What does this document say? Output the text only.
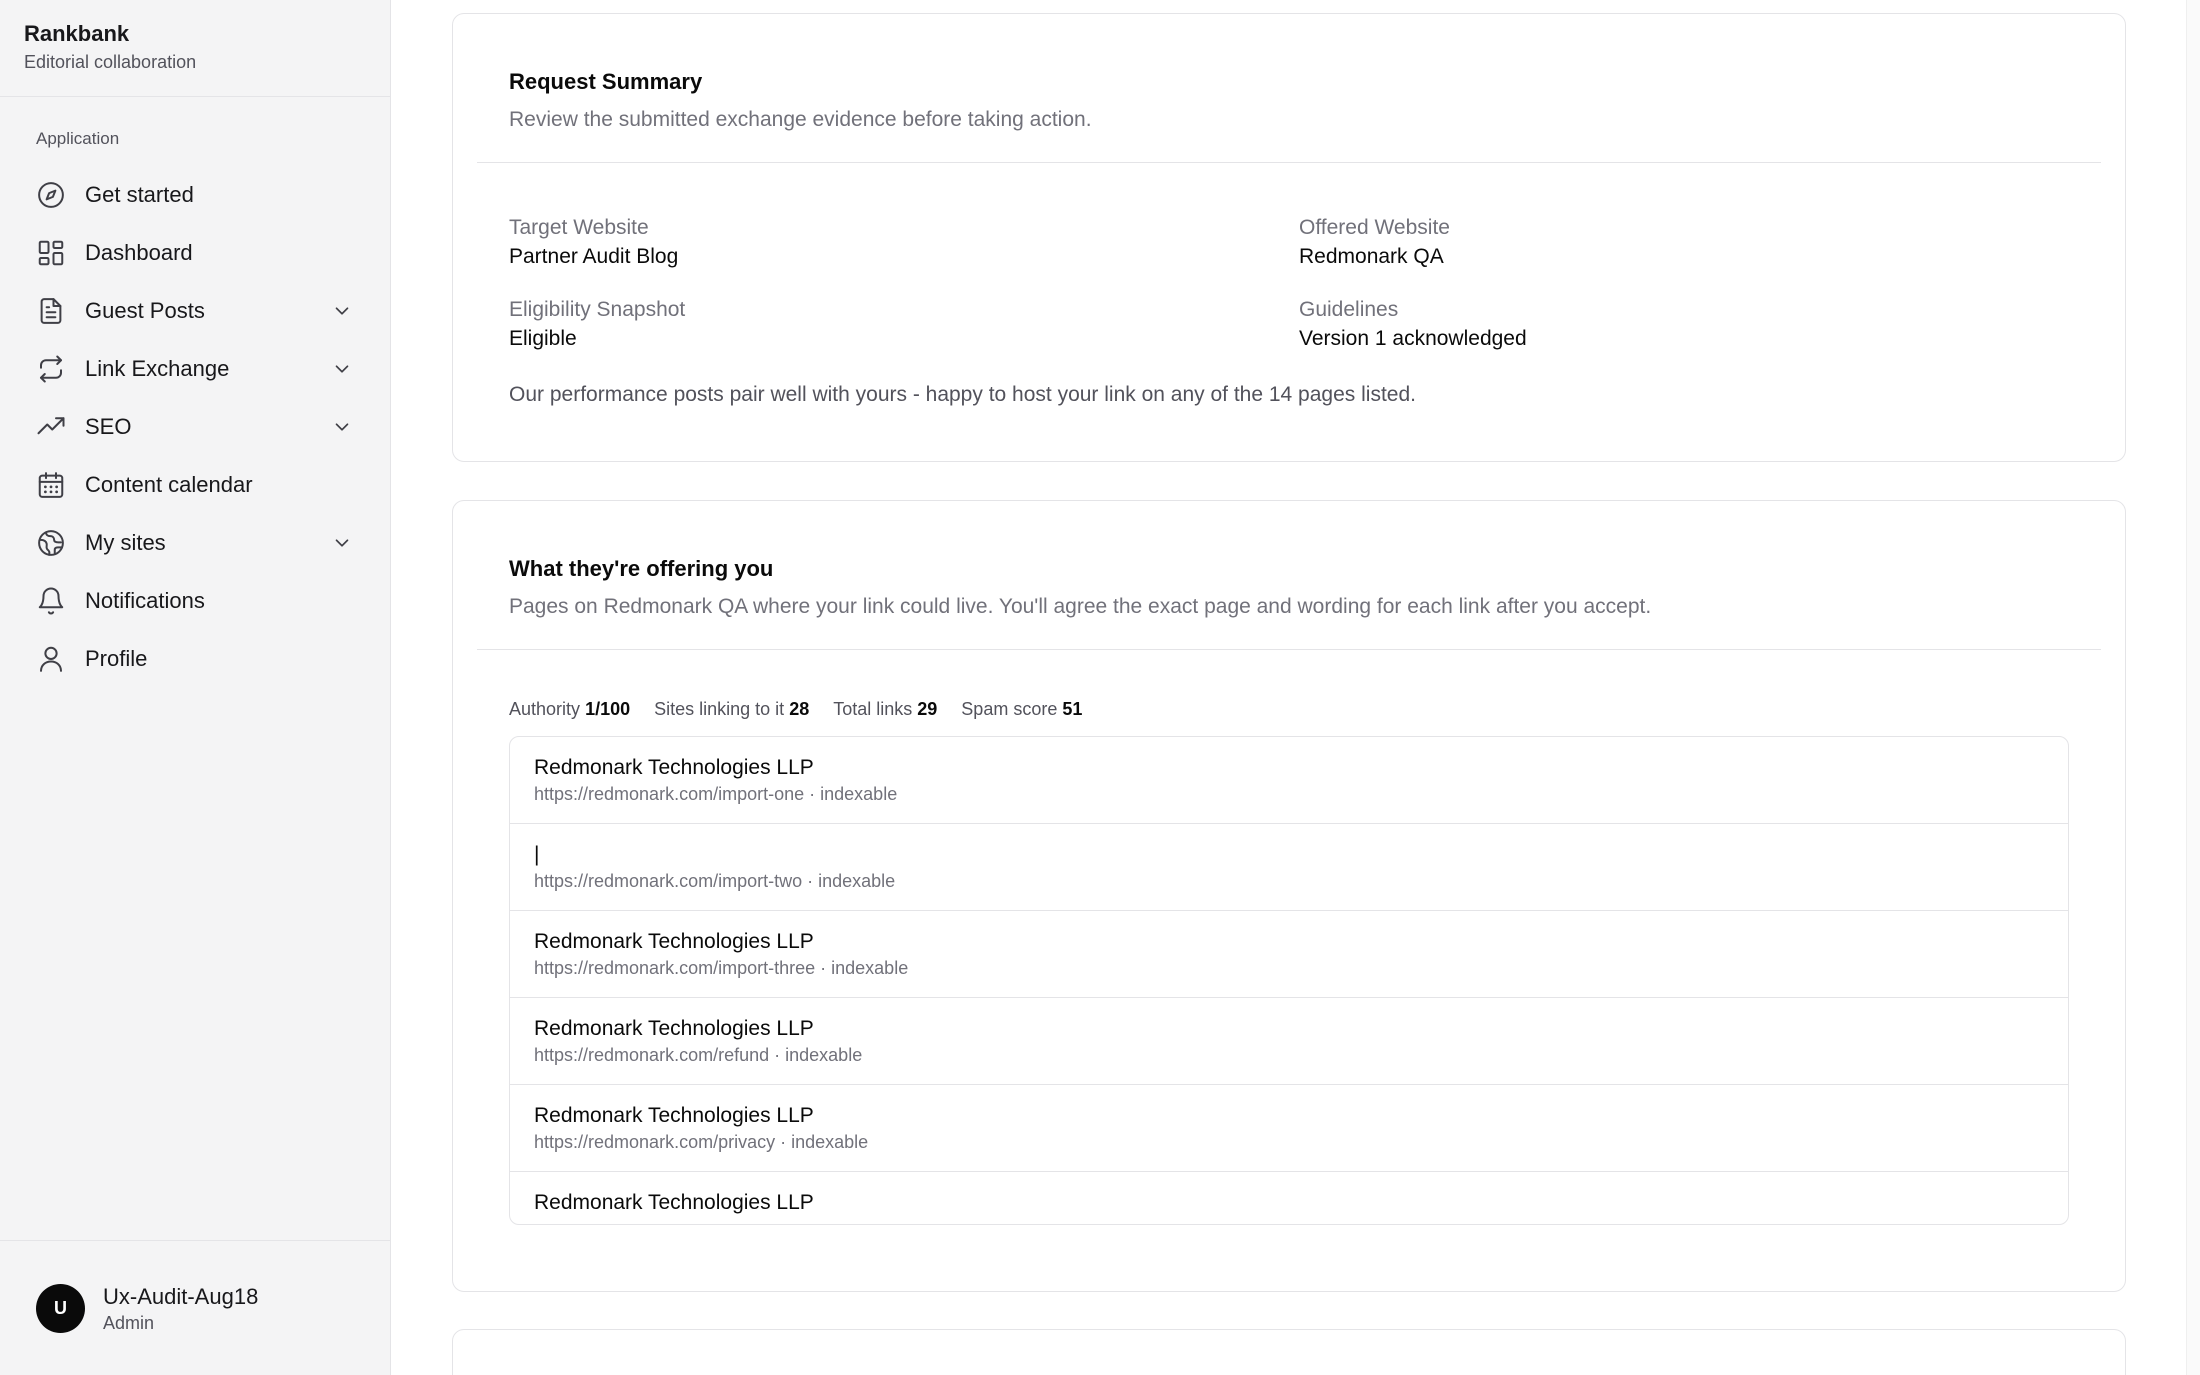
Rankbank
Editorial collaboration
Application
Get started
Dashboard
Guest Posts
Link Exchange
SEO
Content calendar
My sites
Notifications
Profile
U	Ux-Audit-Aug18
Admin
Request Summary
Review the submitted exchange evidence before taking action.
Target Website
Partner Audit Blog
Offered Website
Redmonark QA
Eligibility Snapshot
Eligible
Guidelines
Version 1 acknowledged
Our performance posts pair well with yours - happy to host your link on any of the 14 pages listed.
What they're offering you
Pages on Redmonark QA where your link could live. You'll agree the exact page and wording for each link after you accept.
Authority 1/100 Sites linking to it 28 Total links 29 Spam score 51
Redmonark Technologies LLP
https://redmonark.com/import-one · indexable
|
https://redmonark.com/import-two · indexable
Redmonark Technologies LLP
https://redmonark.com/import-three · indexable
Redmonark Technologies LLP
https://redmonark.com/refund · indexable
Redmonark Technologies LLP
https://redmonark.com/privacy · indexable
Redmonark Technologies LLP
